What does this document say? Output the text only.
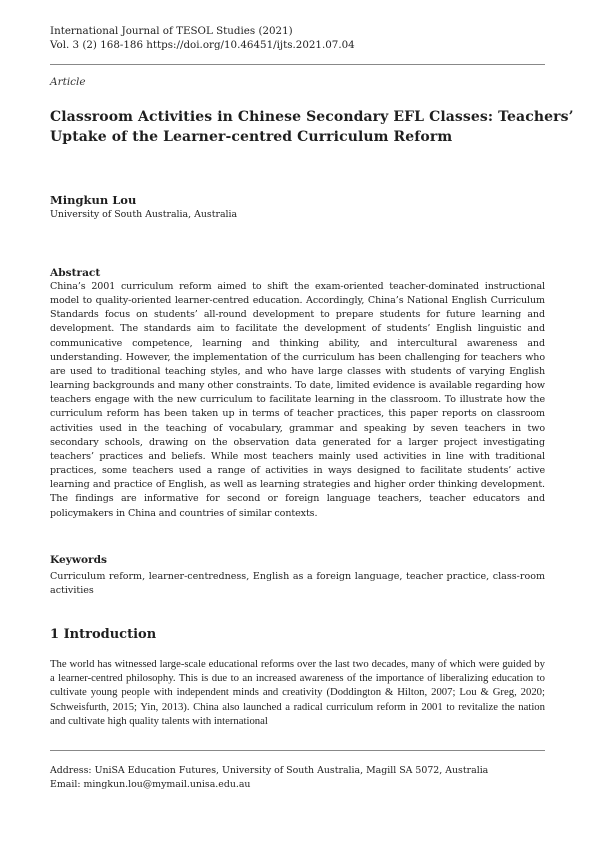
International Journal of TESOL Studies (2021)
Vol. 3 (2) 168-186 https://doi.org/10.46451/ijts.2021.07.04
Article
Classroom Activities in Chinese Secondary EFL Classes: Teachers’
Uptake of the Learner-centred Curriculum Reform
Mingkun Lou
University of South Australia, Australia
Abstract

China’s 2001 curriculum reform aimed to shift the exam-oriented teacher-dominated instructional model to quality-oriented learner-centred education. Accordingly, China’s National English Curriculum Standards focus on students’ all-round development to prepare students for future learning and development. The standards aim to facilitate the development of students’ English linguistic and communicative competence, learning and thinking ability, and intercultural awareness and understanding. However, the implementation of the curriculum has been challenging for teachers who are used to traditional teaching styles, and who have large classes with students of varying English learning backgrounds and many other constraints. To date, limited evidence is available regarding how teachers engage with the new curriculum to facilitate learning in the classroom. To illustrate how the curriculum reform has been taken up in terms of teacher practices, this paper reports on classroom activities used in the teaching of vocabulary, grammar and speaking by seven teachers in two secondary schools, drawing on the observation data generated for a larger project investigating teachers’ practices and beliefs. While most teachers mainly used activities in line with traditional practices, some teachers used a range of activities in ways designed to facilitate students’ active learning and practice of English, as well as learning strategies and higher order thinking development. The findings are informative for second or foreign language teachers, teacher educators and policymakers in China and countries of similar contexts.

Keywords

Curriculum reform, learner-centredness, English as a foreign language, teacher practice, class-room activities

1 Introduction

The world has witnessed large-scale educational reforms over the last two decades, many of which were guided by a learner-centred philosophy. This is due to an increased awareness of the importance of liberalizing education to cultivate young people with independent minds and creativity (Doddington & Hilton, 2007; Lou & Greg, 2020; Schweisfurth, 2015; Yin, 2013). China also launched a radical curriculum reform in 2001 to revitalize the nation and cultivate high quality talents with international

Address: UniSA Education Futures, University of South Australia, Magill SA 5072, Australia
Email: mingkun.lou@mymail.unisa.edu.au
